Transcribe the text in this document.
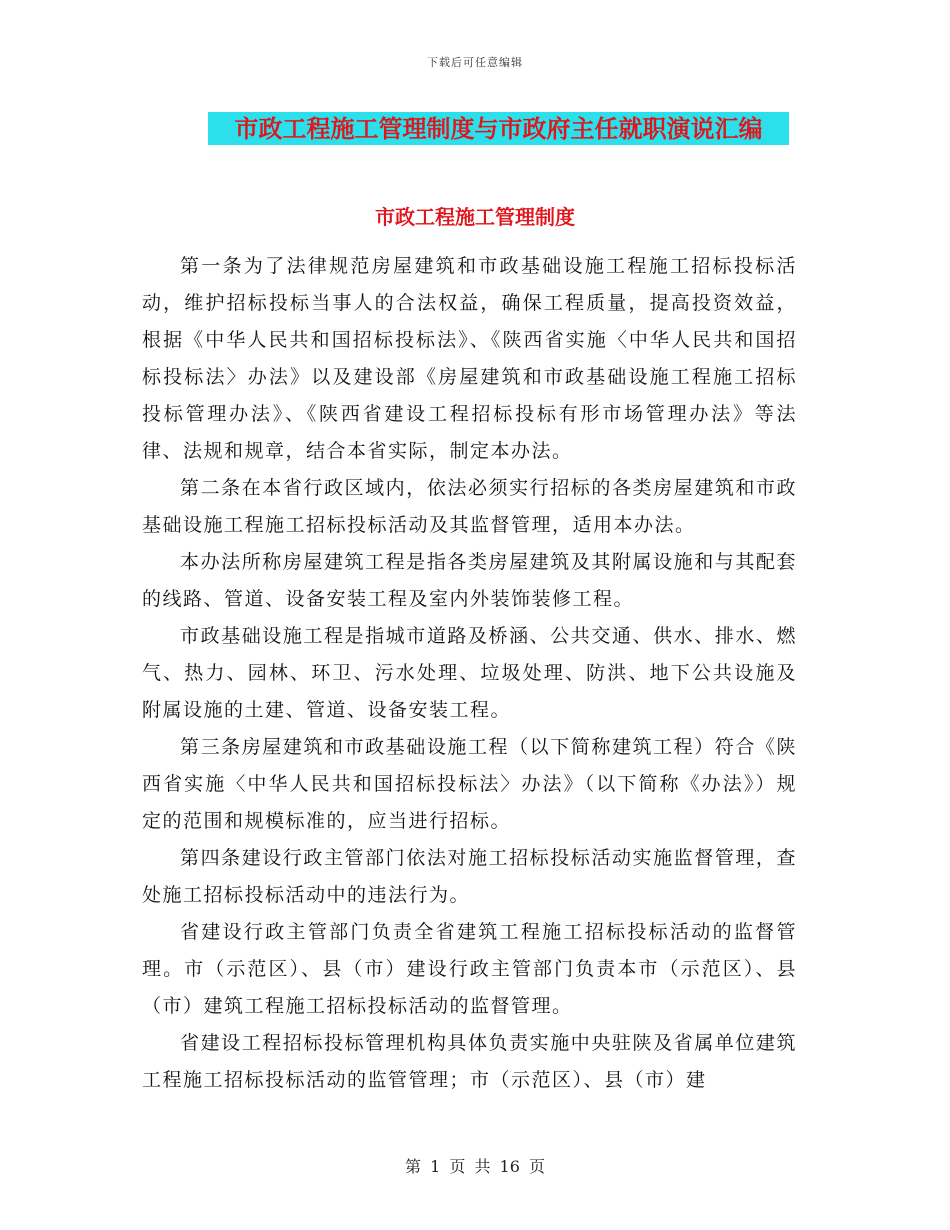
下载后可任意编辑
市政工程施工管理制度与市政府主任就职演说汇编
市政工程施工管理制度

第一条为了法律规范房屋建筑和市政基础设施工程施工招标投标活动，维护招标投标当事人的合法权益，确保工程质量，提高投资效益，根据《中华人民共和国招标投标法》、《陕西省实施〈中华人民共和国招标投标法〉办法》以及建设部《房屋建筑和市政基础设施工程施工招标投标管理办法》、《陕西省建设工程招标投标有形市场管理办法》等法律、法规和规章，结合本省实际，制定本办法。

第二条在本省行政区域内，依法必须实行招标的各类房屋建筑和市政基础设施工程施工招标投标活动及其监督管理，适用本办法。

本办法所称房屋建筑工程是指各类房屋建筑及其附属设施和与其配套的线路、管道、设备安装工程及室内外装饰装修工程。

市政基础设施工程是指城市道路及桥涵、公共交通、供水、排水、燃气、热力、园林、环卫、污水处理、垃圾处理、防洪、地下公共设施及附属设施的土建、管道、设备安装工程。

第三条房屋建筑和市政基础设施工程（以下简称建筑工程）符合《陕西省实施〈中华人民共和国招标投标法〉办法》（以下简称《办法》）规定的范围和规模标准的，应当进行招标。

第四条建设行政主管部门依法对施工招标投标活动实施监督管理，查处施工招标投标活动中的违法行为。

省建设行政主管部门负责全省建筑工程施工招标投标活动的监督管理。市（示范区）、县（市）建设行政主管部门负责本市（示范区）、县（市）建筑工程施工招标投标活动的监督管理。

省建设工程招标投标管理机构具体负责实施中央驻陕及省属单位建筑工程施工招标投标活动的监管管理；市（示范区）、县（市）建

第 1 页 共 16 页
